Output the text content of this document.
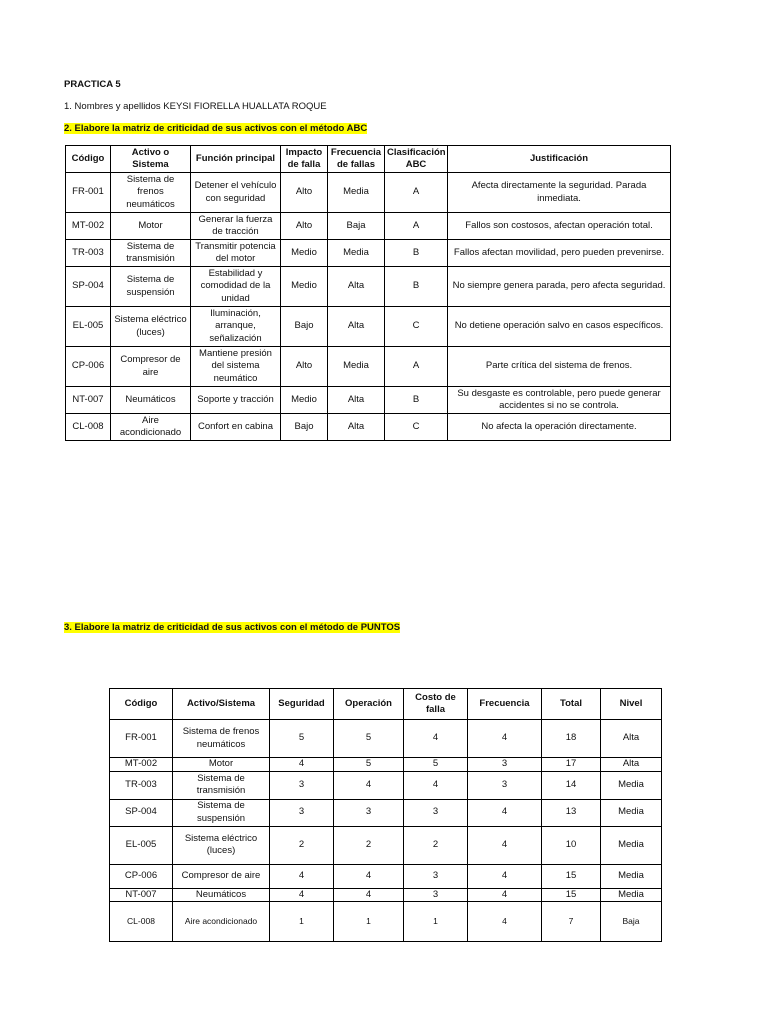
PRACTICA 5
1. Nombres y apellidos KEYSI FIORELLA HUALLATA ROQUE
2. Elabore la matriz de criticidad de sus activos con el método ABC
Código	Activo o Sistema	Función principal	Impacto de falla	Frecuencia de fallas	Clasificación ABC	Justificación
FR-001	Sistema de frenos neumáticos	Detener el vehículo con seguridad	Alto	Media	A	Afecta directamente la seguridad. Parada inmediata.
MT-002	Motor	Generar la fuerza de tracción	Alto	Baja	A	Fallos son costosos, afectan operación total.
TR-003	Sistema de transmisión	Transmitir potencia del motor	Medio	Media	B	Fallos afectan movilidad, pero pueden prevenirse.
SP-004	Sistema de suspensión	Estabilidad y comodidad de la unidad	Medio	Alta	B	No siempre genera parada, pero afecta seguridad.
EL-005	Sistema eléctrico (luces)	Iluminación, arranque, señalización	Bajo	Alta	C	No detiene operación salvo en casos específicos.
CP-006	Compresor de aire	Mantiene presión del sistema neumático	Alto	Media	A	Parte crítica del sistema de frenos.
NT-007	Neumáticos	Soporte y tracción	Medio	Alta	B	Su desgaste es controlable, pero puede generar accidentes si no se controla.
CL-008	Aire acondicionado	Confort en cabina	Bajo	Alta	C	No afecta la operación directamente.
3. Elabore la matriz de criticidad de sus activos con el método de PUNTOS
Código	Activo/Sistema	Seguridad	Operación	Costo de falla	Frecuencia	Total	Nivel
FR-001	Sistema de frenos neumáticos	5	5	4	4	18	Alta
MT-002	Motor	4	5	5	3	17	Alta
TR-003	Sistema de transmisión	3	4	4	3	14	Media
SP-004	Sistema de suspensión	3	3	3	4	13	Media
EL-005	Sistema eléctrico (luces)	2	2	2	4	10	Media
CP-006	Compresor de aire	4	4	3	4	15	Media
NT-007	Neumáticos	4	4	3	4	15	Media
CL-008	Aire acondicionado	1	1	1	4	7	Baja
